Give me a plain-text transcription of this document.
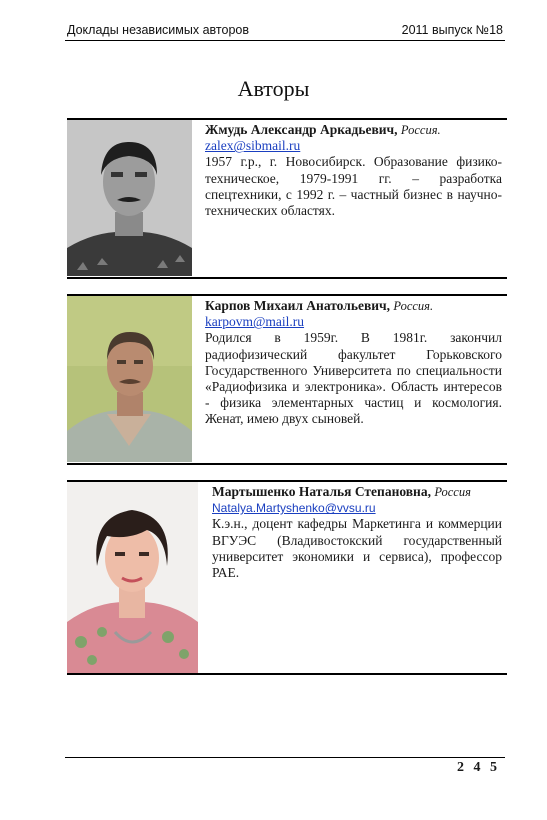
Доклады независимых авторов	2011 выпуск №18
Авторы
Жмудь Александр Аркадьевич, Россия.
zalex@sibmail.ru

1957 г.р., г. Новосибирск. Образование физико-техническое, 1979-1991 гг. – разработка спецтехники, с 1992 г. – частный бизнес в научно-технических областях.

Карпов Михаил Анатольевич, Россия.
karpovm@mail.ru

Родился в 1959г. В 1981г. закончил радиофизический факультет Горьковского Государственного Университета по специальности «Радиофизика и электроника». Область интересов - физика элементарных частиц и космология. Женат, имею двух сыновей.

Мартышенко Наталья Степановна, Россия
Natalya.Martyshenko@vvsu.ru

К.э.н., доцент кафедры Маркетинга и коммерции ВГУЭС (Владивостокский государственный университет экономики и сервиса), профессор РАЕ.

2 4 5
